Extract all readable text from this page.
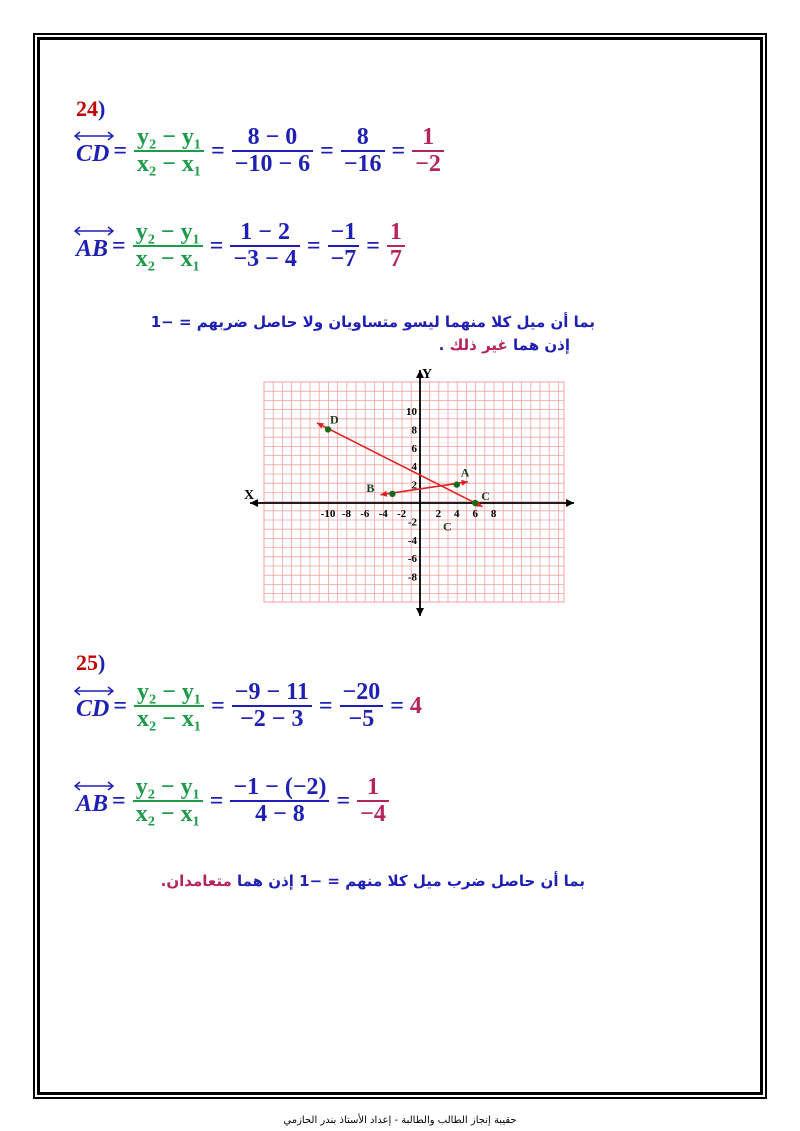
24)
CD = $\frac{\text{y₂ − y₁}}{\text{x₂ − x₁}} = \frac{8 - 0}{-10 - 6} = \frac{8}{-16} = \frac{1}{-2}$
AB = $\frac{\text{y₂ − y₁}}{\text{x₂ − x₁}} = \frac{1 - 2}{-3 - 4} = \frac{-1}{-7} = \frac{1}{7}$
بما أن ميل كلا منهما ليسو متساويان ولا حاصل ضربهم = −1
إذن هما غير ذلك .
X
Y
-10 -8 -6 -4 -2	2 4 6 8
10
8
6
4
2
-2
-4
-6
-8
D
A
B
C
C
25)
CD = $\frac{\text{y₂ − y₁}}{\text{x₂ − x₁}} = \frac{-9 - 11}{-2 - 3} = \frac{-20}{-5} = 4$
AB = $\frac{\text{y₂ − y₁}}{\text{x₂ − x₁}} = \frac{-1 - (-2)}{4 - 8} = \frac{1}{-4}$
بما أن حاصل ضرب ميل كلا منهم = −1 إذن هما متعامدان.
حقيبة إنجاز الطالب والطالبة - إعداد الأستاذ بندر الحازمي
